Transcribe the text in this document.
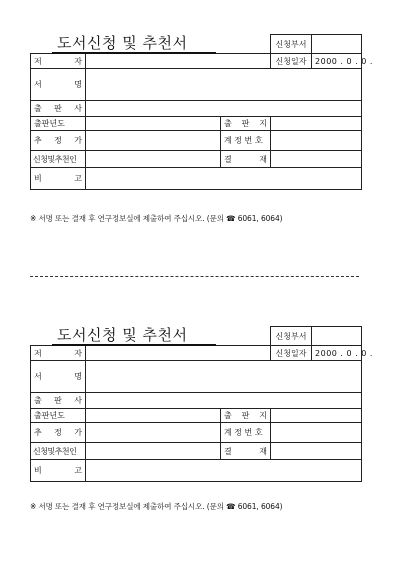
도서신청 및 추천서
			신청부서	
저 자			신청일자	2000 . 0 . 0 .
서 명				
출 판 사				
출판년도		출 판 지		
추 정 가		계 정 번 호		
신청및추천인		결 재		
비 고				
※ 서명 또는 결재 후 연구정보실에 제출하여 주십시오. (문의 ☎ 6061, 6064)
도서신청 및 추천서
			신청부서	
저 자			신청일자	2000 . 0 . 0 .
서 명				
출 판 사				
출판년도		출 판 지		
추 정 가		계 정 번 호		
신청및추천인		결 재		
비 고				
※ 서명 또는 결재 후 연구정보실에 제출하여 주십시오. (문의 ☎ 6061, 6064)
